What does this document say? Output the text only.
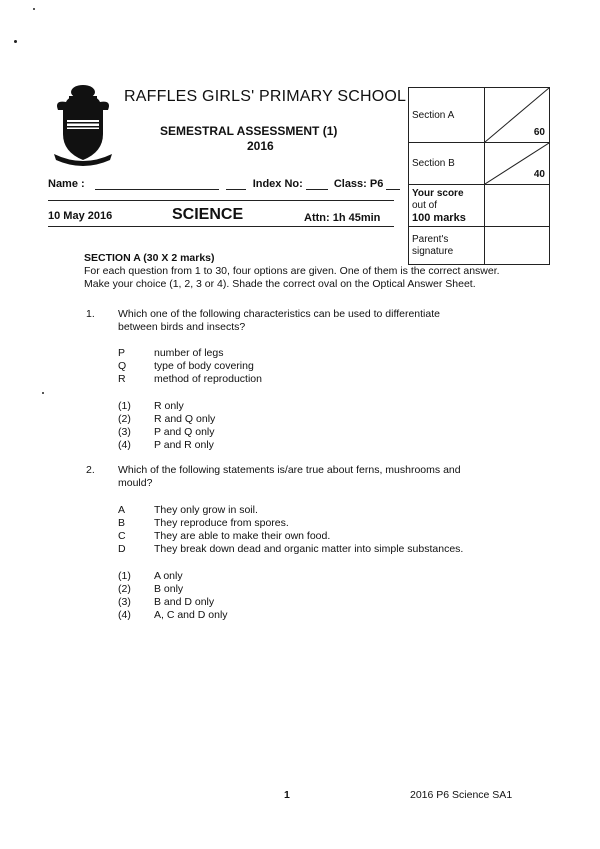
RAFFLES GIRLS' PRIMARY SCHOOL
SEMESTRAL ASSESSMENT (1)
2016
Name :	Index No:	Class: P6
10 May 2016	SCIENCE	Attn: 1h 45min
Section A	60

Section B	40

Your score
out of
100 marks	

Parent's
signature	

SECTION A (30 X 2 marks)
For each question from 1 to 30, four options are given. One of them is the correct answer.
Make your choice (1, 2, 3 or 4). Shade the correct oval on the Optical Answer Sheet.
1. Which one of the following characteristics can be used to differentiate
between birds and insects?
P	number of legs
Q	type of body covering
R	method of reproduction
(1) R only
(2) R and Q only
(3) P and Q only
(4) P and R only
2. Which of the following statements is/are true about ferns, mushrooms and
mould?
A	They only grow in soil.
B	They reproduce from spores.
C	They are able to make their own food.
D	They break down dead and organic matter into simple substances.
(1) A only
(2) B only
(3) B and D only
(4) A, C and D only
1	2016 P6 Science SA1
